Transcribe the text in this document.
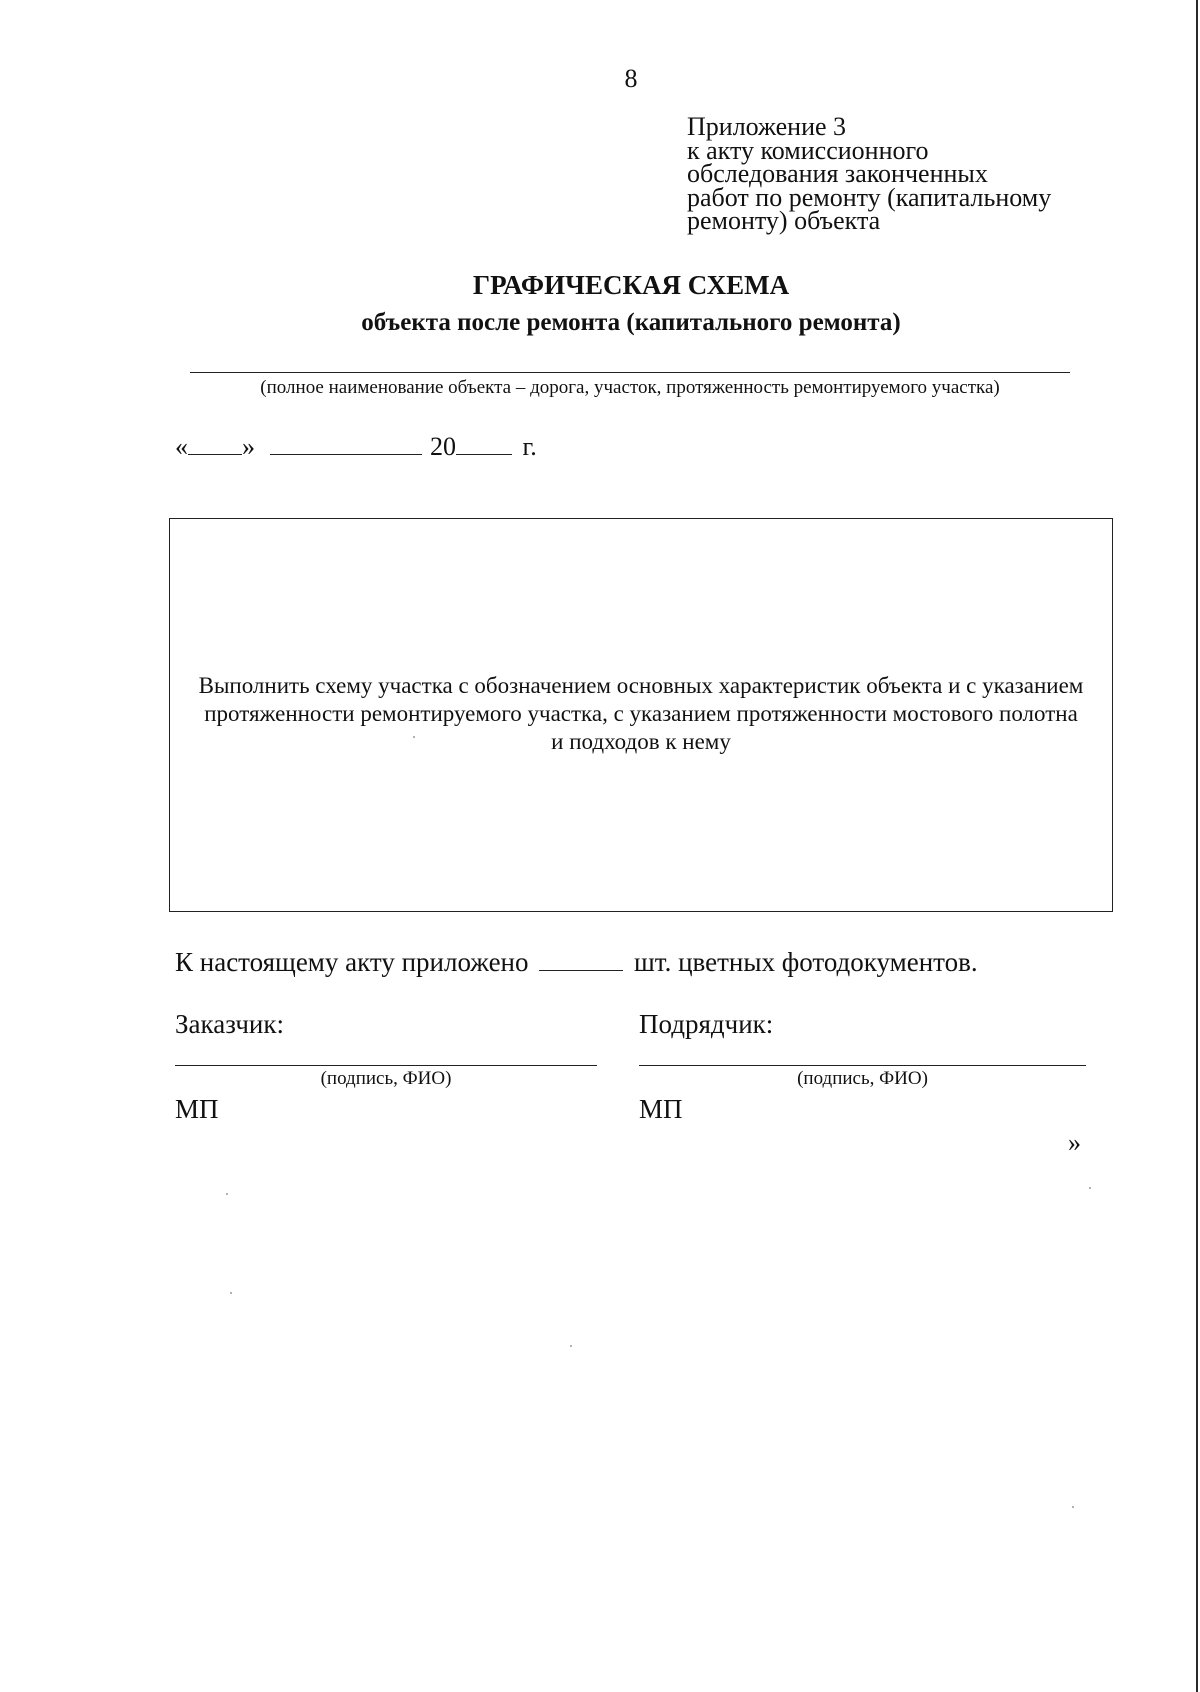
8
Приложение 3
к акту комиссионного
обследования законченных
работ по ремонту (капитальному
ремонту) объекта
ГРАФИЧЕСКАЯ СХЕМА
объекта после ремонта (капитального ремонта)
(полное наименование объекта – дорога, участок, протяженность ремонтируемого участка)
« »	20	г.
Выполнить схему участка с обозначением основных характеристик объекта и с указанием
протяженности ремонтируемого участка, с указанием протяженности мостового полотна
и подходов к нему
К настоящему акту приложено	шт. цветных фотодокументов.
Заказчик:
(подпись, ФИО)
МП
Подрядчик:
(подпись, ФИО)
МП
»
